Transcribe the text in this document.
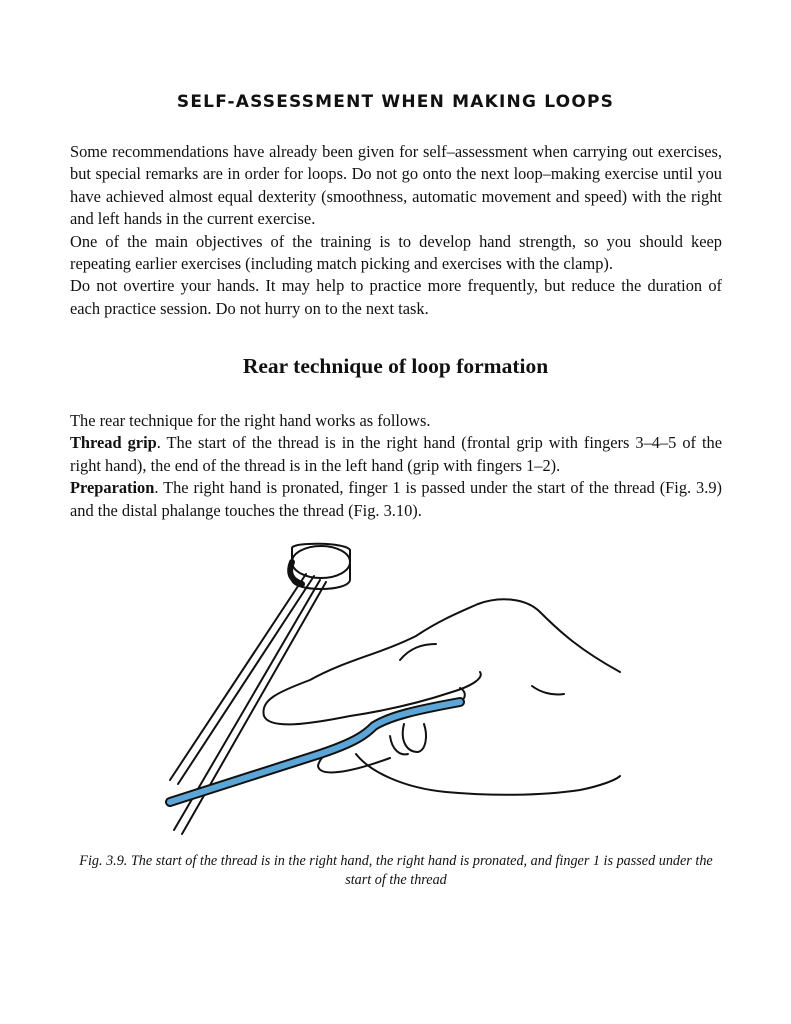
SELF-ASSESSMENT WHEN MAKING LOOPS

Some recommendations have already been given for self–assessment when carrying out exercises, but special remarks are in order for loops. Do not go onto the next loop–making exercise until you have achieved almost equal dexterity (smoothness, automatic movement and speed) with the right and left hands in the current exercise.

One of the main objectives of the training is to develop hand strength, so you should keep repeating earlier exercises (including match picking and exercises with the clamp).

Do not overtire your hands. It may help to practice more frequently, but reduce the duration of each practice session. Do not hurry on to the next task.

Rear technique of loop formation

The rear technique for the right hand works as follows.

Thread grip. The start of the thread is in the right hand (frontal grip with fingers 3–4–5 of the right hand), the end of the thread is in the left hand (grip with fingers 1–2).

Preparation. The right hand is pronated, finger 1 is passed under the start of the thread (Fig. 3.9) and the distal phalange touches the thread (Fig. 3.10).

Fig. 3.9. The start of the thread is in the right hand, the right hand is pronated, and finger 1 is passed under the start of the thread
